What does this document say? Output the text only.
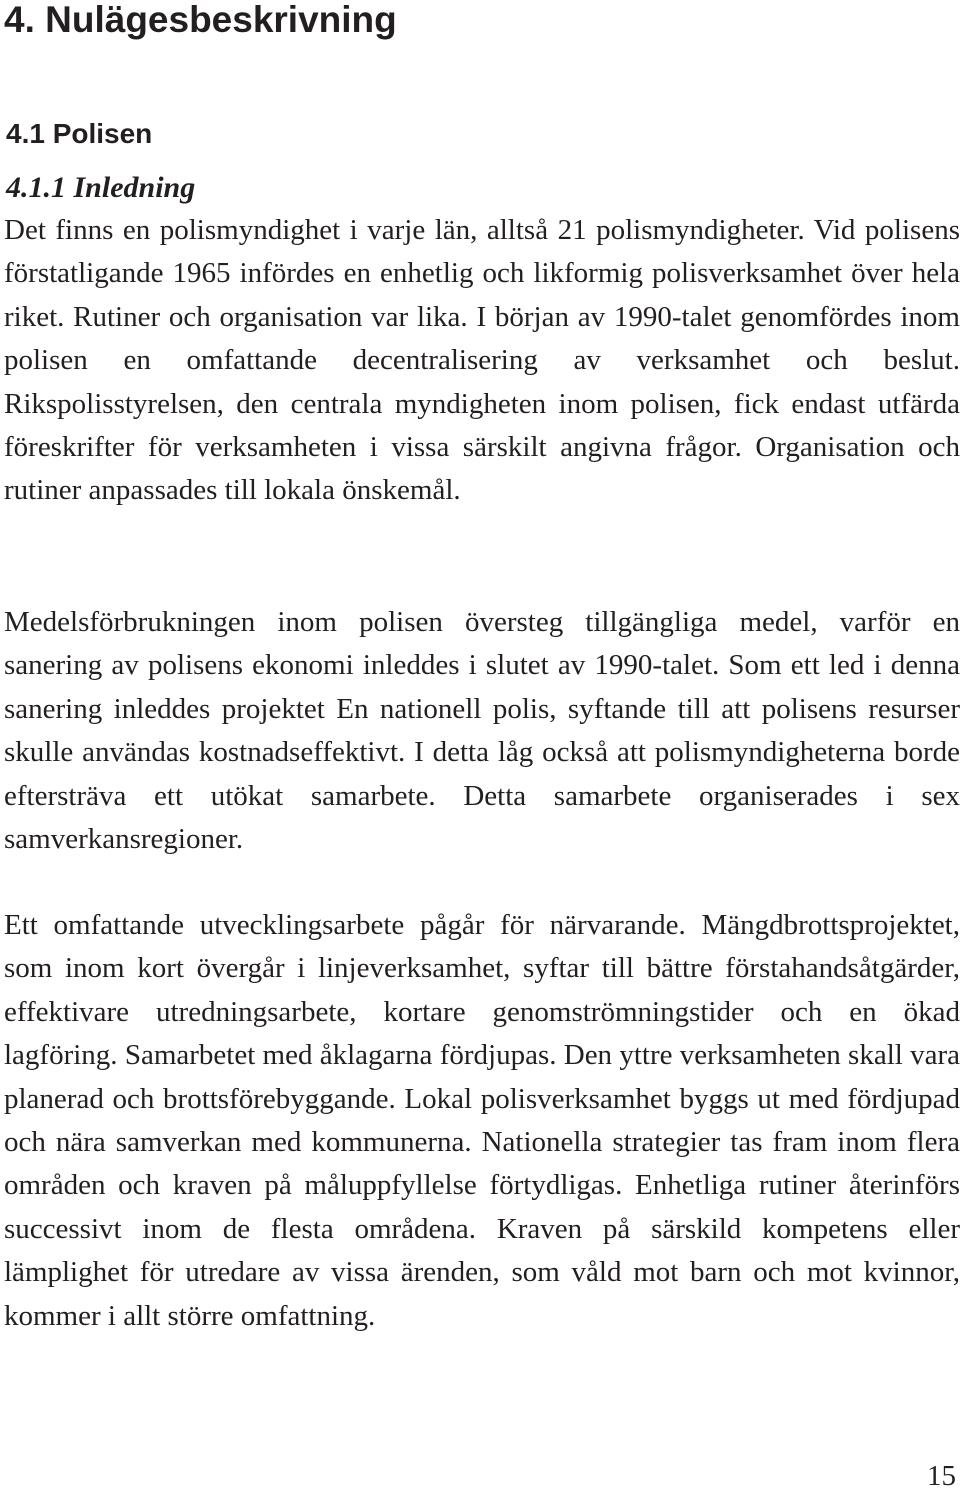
4. Nulägesbeskrivning
4.1 Polisen
4.1.1 Inledning

Det finns en polismyndighet i varje län, alltså 21 polismyndigheter. Vid polisens förstatligande 1965 infördes en enhetlig och likformig polisverksamhet över hela riket. Rutiner och organisation var lika. I början av 1990-talet genomfördes inom polisen en omfattande decentralisering av verksamhet och beslut. Rikspolisstyrelsen, den centrala myndigheten inom polisen, fick endast utfärda föreskrifter för verksamheten i vissa särskilt angivna frågor. Organisation och rutiner anpassades till lokala önskemål.

Medelsförbrukningen inom polisen översteg tillgängliga medel, varför en sanering av polisens ekonomi inleddes i slutet av 1990-talet. Som ett led i denna sanering inleddes projektet En nationell polis, syftande till att polisens resurser skulle användas kostnadseffektivt. I detta låg också att polismyndigheterna borde eftersträva ett utökat samarbete. Detta samarbete organiserades i sex samverkansregioner.

Ett omfattande utvecklingsarbete pågår för närvarande. Mängdbrottsprojektet, som inom kort övergår i linjeverksamhet, syftar till bättre förstahandsåtgärder, effektivare utredningsarbete, kortare genomströmningstider och en ökad lagföring. Samarbetet med åklagarna fördjupas. Den yttre verksamheten skall vara planerad och brottsförebyggande. Lokal polisverksamhet byggs ut med fördjupad och nära samverkan med kommunerna. Nationella strategier tas fram inom flera områden och kraven på måluppfyllelse förtydligas. Enhetliga rutiner återinförs successivt inom de flesta områdena. Kraven på särskild kompetens eller lämplighet för utredare av vissa ärenden, som våld mot barn och mot kvinnor, kommer i allt större omfattning.

15
